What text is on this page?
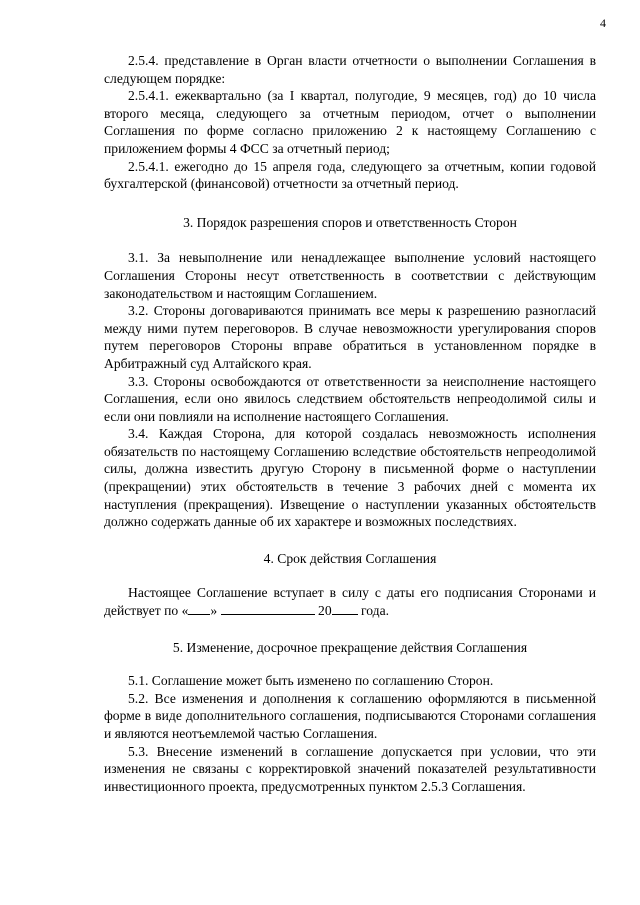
4

2.5.4. представление в Орган власти отчетности о выполнении Соглашения в следующем порядке:

2.5.4.1. ежеквартально (за I квартал, полугодие, 9 месяцев, год) до 10 числа второго месяца, следующего за отчетным периодом, отчет о выполнении Соглашения по форме согласно приложению 2 к настоящему Соглашению с приложением формы 4 ФСС за отчетный период;

2.5.4.1. ежегодно до 15 апреля года, следующего за отчетным, копии годовой бухгалтерской (финансовой) отчетности за отчетный период.

3. Порядок разрешения споров и ответственность Сторон

3.1. За невыполнение или ненадлежащее выполнение условий настоящего Соглашения Стороны несут ответственность в соответствии с действующим законодательством и настоящим Соглашением.

3.2. Стороны договариваются принимать все меры к разрешению разногласий между ними путем переговоров. В случае невозможности урегулирования споров путем переговоров Стороны вправе обратиться в установленном порядке в Арбитражный суд Алтайского края.

3.3. Стороны освобождаются от ответственности за неисполнение настоящего Соглашения, если оно явилось следствием обстоятельств непреодолимой силы и если они повлияли на исполнение настоящего Соглашения.

3.4. Каждая Сторона, для которой создалась невозможность исполнения обязательств по настоящему Соглашению вследствие обстоятельств непреодолимой силы, должна известить другую Сторону в письменной форме о наступлении (прекращении) этих обстоятельств в течение 3 рабочих дней с момента их наступления (прекращения). Извещение о наступлении указанных обстоятельств должно содержать данные об их характере и возможных последствиях.

4. Срок действия Соглашения

Настоящее Соглашение вступает в силу с даты его подписания Сторонами и действует по « »	20 года.

5. Изменение, досрочное прекращение действия Соглашения

5.1. Соглашение может быть изменено по соглашению Сторон.

5.2. Все изменения и дополнения к соглашению оформляются в письменной форме в виде дополнительного соглашения, подписываются Сторонами соглашения и являются неотъемлемой частью Соглашения.

5.3. Внесение изменений в соглашение допускается при условии, что эти изменения не связаны с корректировкой значений показателей результативности инвестиционного проекта, предусмотренных пунктом 2.5.3 Соглашения.
